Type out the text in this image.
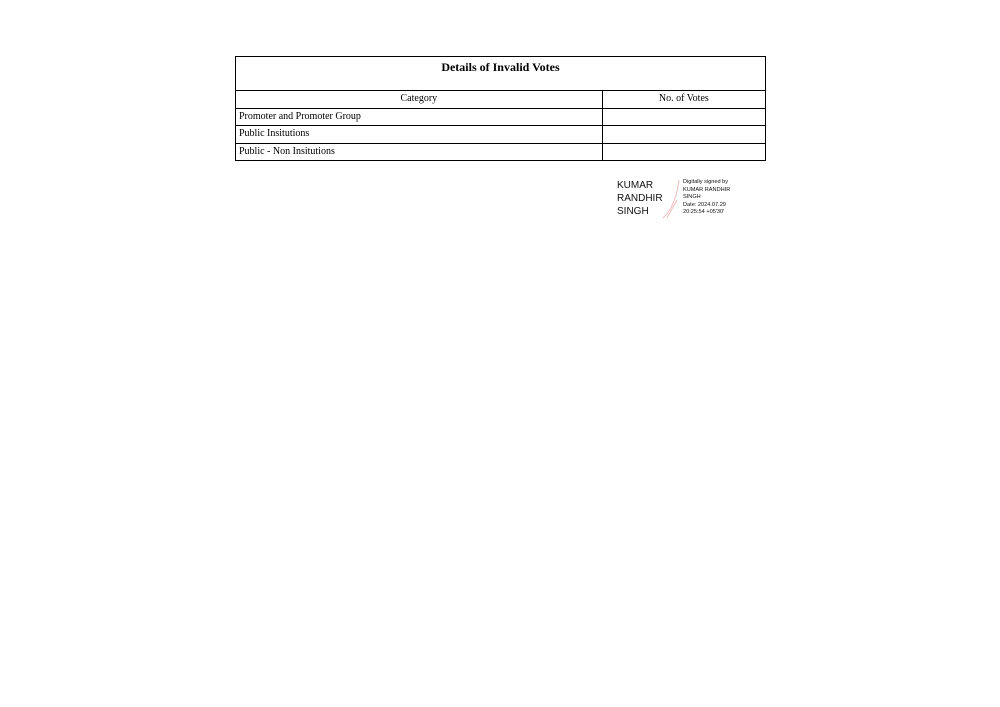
Details of Invalid Votes	
Category	No. of Votes
Promoter and Promoter Group	
Public Insitutions	
Public - Non Insitutions	
KUMAR
RANDHIR
SINGH
Digitally signed by
KUMAR RANDHIR
SINGH
Date: 2024.07.29
20:25:54 +05'30'
